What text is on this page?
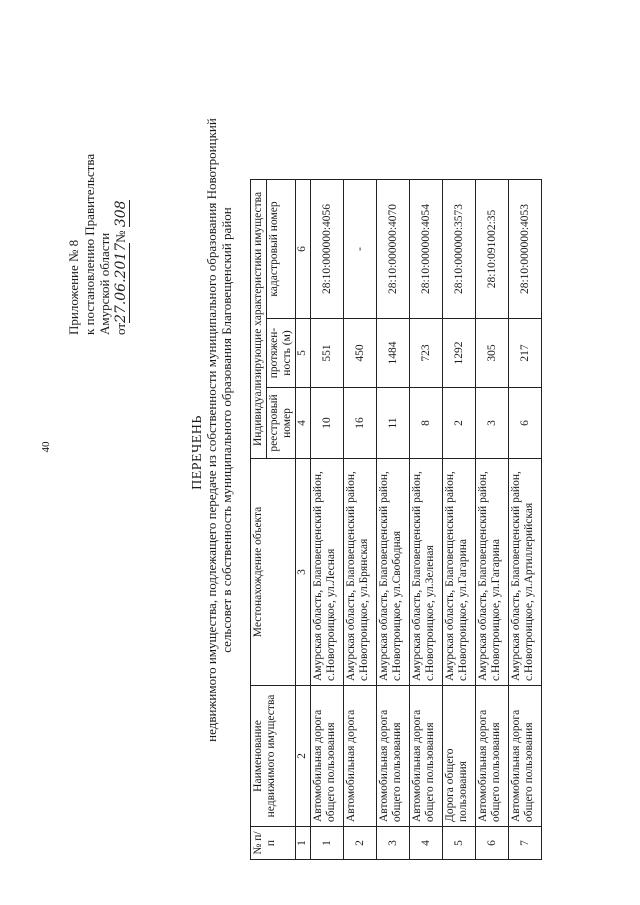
40
Приложение № 8 к постановлению Правительства Амурской области от27.06.2017№ 308
ПЕРЕЧЕНЬ недвижимого имущества, подлежащего передаче из собственности муниципального образования Новотроицкий сельсовет в собственность муниципального образования Благовещенский район
№ п/п	Наименование недвижимого имущества	Местонахождение объекта	Индивидуализирующие характеристики имущества		
			реестровый номер	протяжен-ность (м)	кадастровый номер
1	2	3	4	5	6
1	Автомобильная дорога общего пользования	Амурская область, Благовещенский район, с.Новотроицкое, ул.Лесная	10	551	28:10:000000:4056
2	Автомобильная дорога	Амурская область, Благовещенский район, с.Новотроицкое, ул.Брянская	16	450	-
3	Автомобильная дорога общего пользования	Амурская область, Благовещенский район, с.Новотроицкое, ул.Свободная	11	1484	28:10:000000:4070
4	Автомобильная дорога общего пользования	Амурская область, Благовещенский район, с.Новотроицкое, ул.Зеленая	8	723	28:10:000000:4054
5	Дорога общего пользования	Амурская область, Благовещенский район, с.Новотроицкое, ул.Гагарина	2	1292	28:10:000000:3573
6	Автомобильная дорога общего пользования	Амурская область, Благовещенский район, с.Новотроицкое, ул.Гагарина	3	305	28:10:091002:35
7	Автомобильная дорога общего пользования	Амурская область, Благовещенский район, с.Новотроицкое, ул.Артиллерийская	6	217	28:10:000000:4053
